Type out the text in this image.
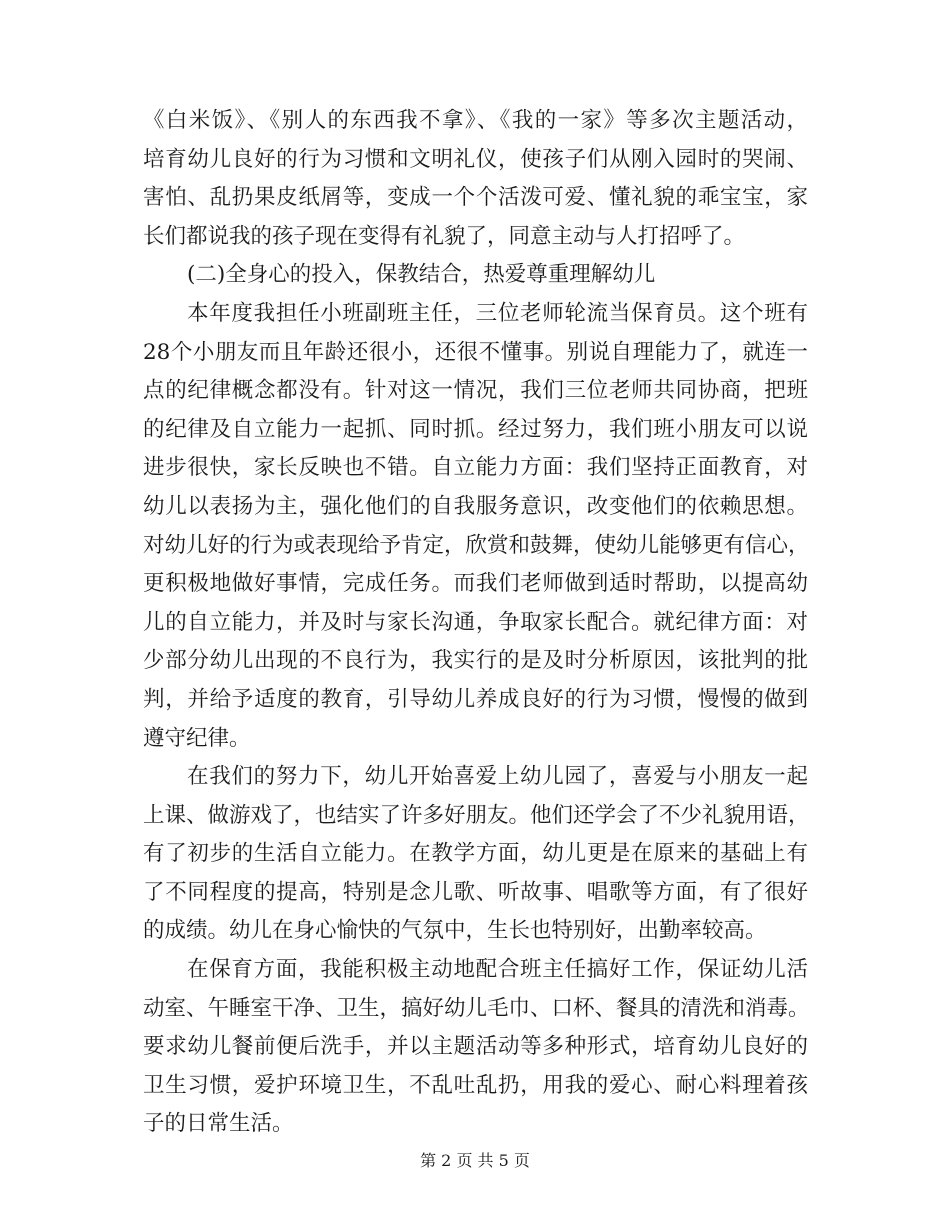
《白米饭》、《别人的东西我不拿》、《我的一家》等多次主题活动，
培育幼儿良好的行为习惯和文明礼仪，使孩子们从刚入园时的哭闹、
害怕、乱扔果皮纸屑等，变成一个个活泼可爱、懂礼貌的乖宝宝，家
长们都说我的孩子现在变得有礼貌了，同意主动与人打招呼了。
(二)全身心的投入，保教结合，热爱尊重理解幼儿
本年度我担任小班副班主任，三位老师轮流当保育员。这个班有
28个小朋友而且年龄还很小，还很不懂事。别说自理能力了，就连一
点的纪律概念都没有。针对这一情况，我们三位老师共同协商，把班
的纪律及自立能力一起抓、同时抓。经过努力，我们班小朋友可以说
进步很快，家长反映也不错。自立能力方面：我们坚持正面教育，对
幼儿以表扬为主，强化他们的自我服务意识，改变他们的依赖思想。
对幼儿好的行为或表现给予肯定，欣赏和鼓舞，使幼儿能够更有信心，
更积极地做好事情，完成任务。而我们老师做到适时帮助，以提高幼
儿的自立能力，并及时与家长沟通，争取家长配合。就纪律方面：对
少部分幼儿出现的不良行为，我实行的是及时分析原因，该批判的批
判，并给予适度的教育，引导幼儿养成良好的行为习惯，慢慢的做到
遵守纪律。
在我们的努力下，幼儿开始喜爱上幼儿园了，喜爱与小朋友一起
上课、做游戏了，也结实了许多好朋友。他们还学会了不少礼貌用语，
有了初步的生活自立能力。在教学方面，幼儿更是在原来的基础上有
了不同程度的提高，特别是念儿歌、听故事、唱歌等方面，有了很好
的成绩。幼儿在身心愉快的气氛中，生长也特别好，出勤率较高。
在保育方面，我能积极主动地配合班主任搞好工作，保证幼儿活
动室、午睡室干净、卫生，搞好幼儿毛巾、口杯、餐具的清洗和消毒。
要求幼儿餐前便后洗手，并以主题活动等多种形式，培育幼儿良好的
卫生习惯，爱护环境卫生，不乱吐乱扔，用我的爱心、耐心料理着孩
子的日常生活。
第 2 页 共 5 页
